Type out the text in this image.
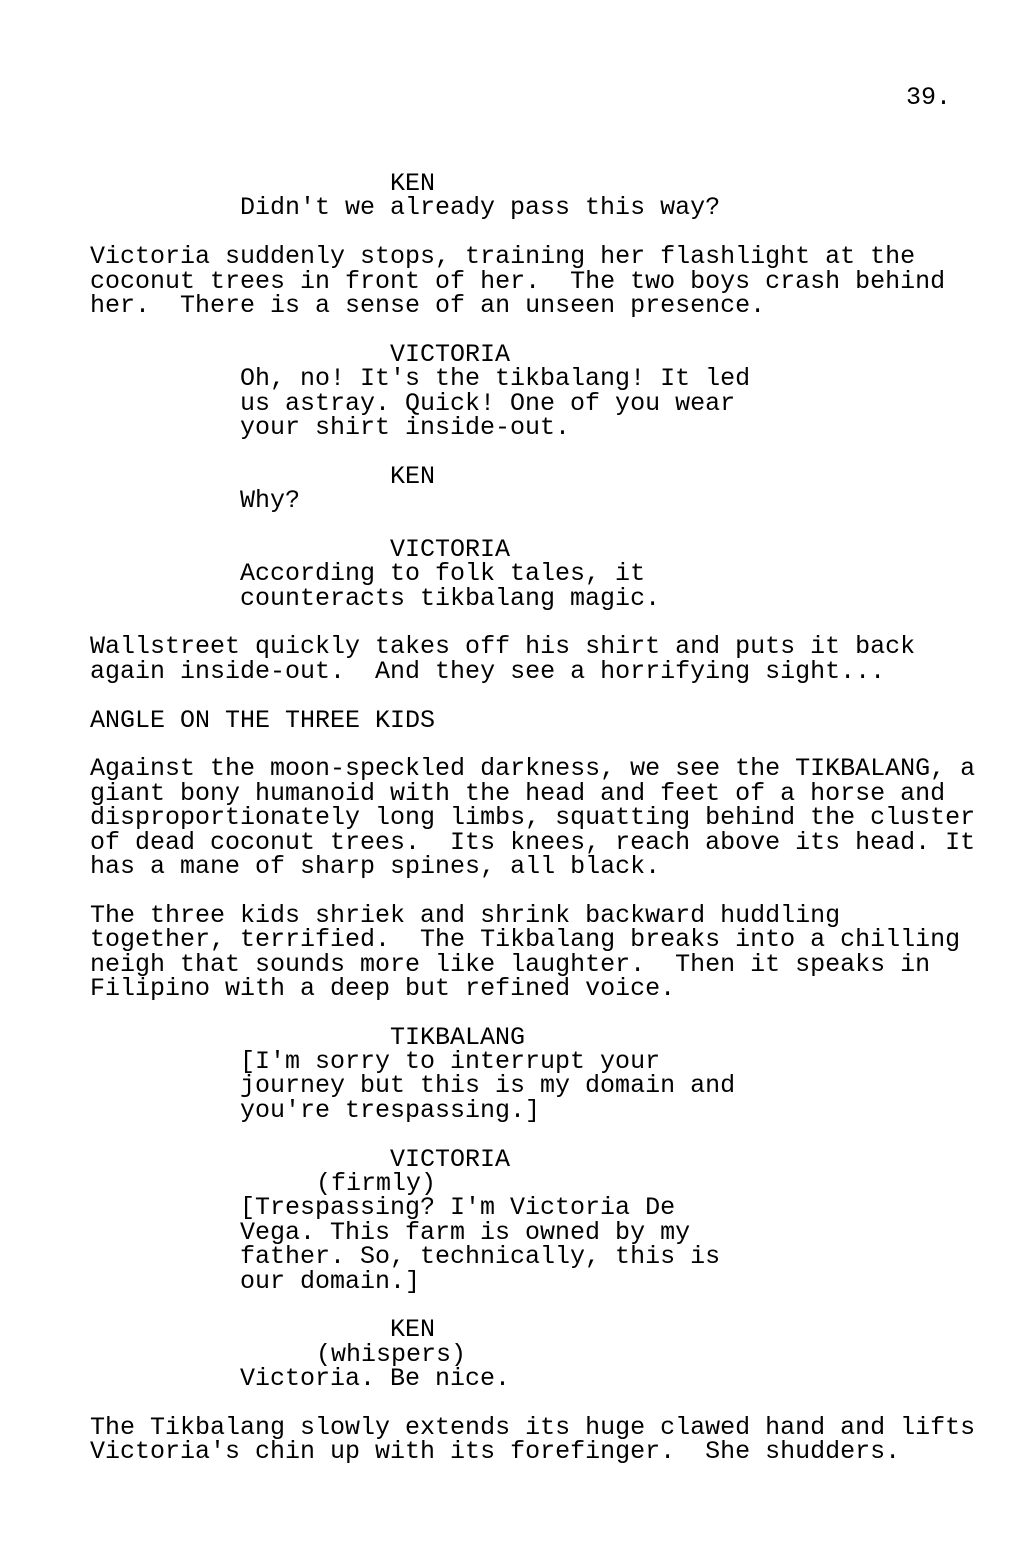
39.
KEN
Didn't we already pass this way?
Victoria suddenly stops, training her flashlight at the
coconut trees in front of her.  The two boys crash behind
her.  There is a sense of an unseen presence.
VICTORIA
Oh, no! It's the tikbalang! It led
us astray. Quick! One of you wear
your shirt inside-out.
KEN
Why?
VICTORIA
According to folk tales, it
counteracts tikbalang magic.
Wallstreet quickly takes off his shirt and puts it back
again inside-out.  And they see a horrifying sight...
ANGLE ON THE THREE KIDS
Against the moon-speckled darkness, we see the TIKBALANG, a
giant bony humanoid with the head and feet of a horse and
disproportionately long limbs, squatting behind the cluster
of dead coconut trees.  Its knees, reach above its head. It
has a mane of sharp spines, all black.
The three kids shriek and shrink backward huddling
together, terrified.  The Tikbalang breaks into a chilling
neigh that sounds more like laughter.  Then it speaks in
Filipino with a deep but refined voice.
TIKBALANG
[I'm sorry to interrupt your
journey but this is my domain and
you're trespassing.]
VICTORIA
(firmly)
[Trespassing? I'm Victoria De
Vega. This farm is owned by my
father. So, technically, this is
our domain.]
KEN
(whispers)
Victoria. Be nice.
The Tikbalang slowly extends its huge clawed hand and lifts
Victoria's chin up with its forefinger.  She shudders.
